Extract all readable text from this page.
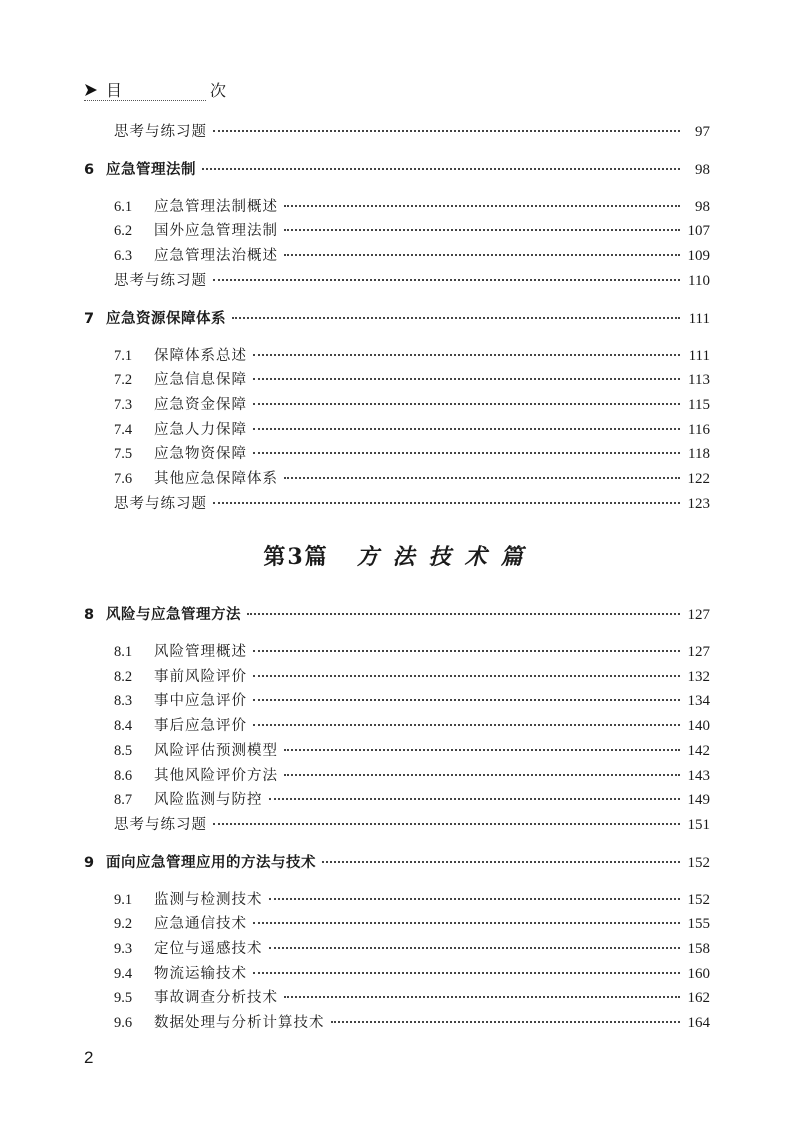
目　次
思考与练习题	97
6 应急管理法制	98
6.1	应急管理法制概述	98
6.2	国外应急管理法制	107
6.3	应急管理法治概述	109
思考与练习题	110
7 应急资源保障体系	111
7.1	保障体系总述	111
7.2	应急信息保障	113
7.3	应急资金保障	115
7.4	应急人力保障	116
7.5	应急物资保障	118
7.6	其他应急保障体系	122
思考与练习题	123
8 风险与应急管理方法	127
8.1	风险管理概述	127
8.2	事前风险评价	132
8.3	事中应急评价	134
8.4	事后应急评价	140
8.5	风险评估预测模型	142
8.6	其他风险评价方法	143
8.7	风险监测与防控	149
思考与练习题	151
9 面向应急管理应用的方法与技术	152
9.1	监测与检测技术	152
9.2	应急通信技术	155
9.3	定位与遥感技术	158
9.4	物流运输技术	160
9.5	事故调查分析技术	162
9.6	数据处理与分析计算技术	164
第3篇 方法技术篇
2
